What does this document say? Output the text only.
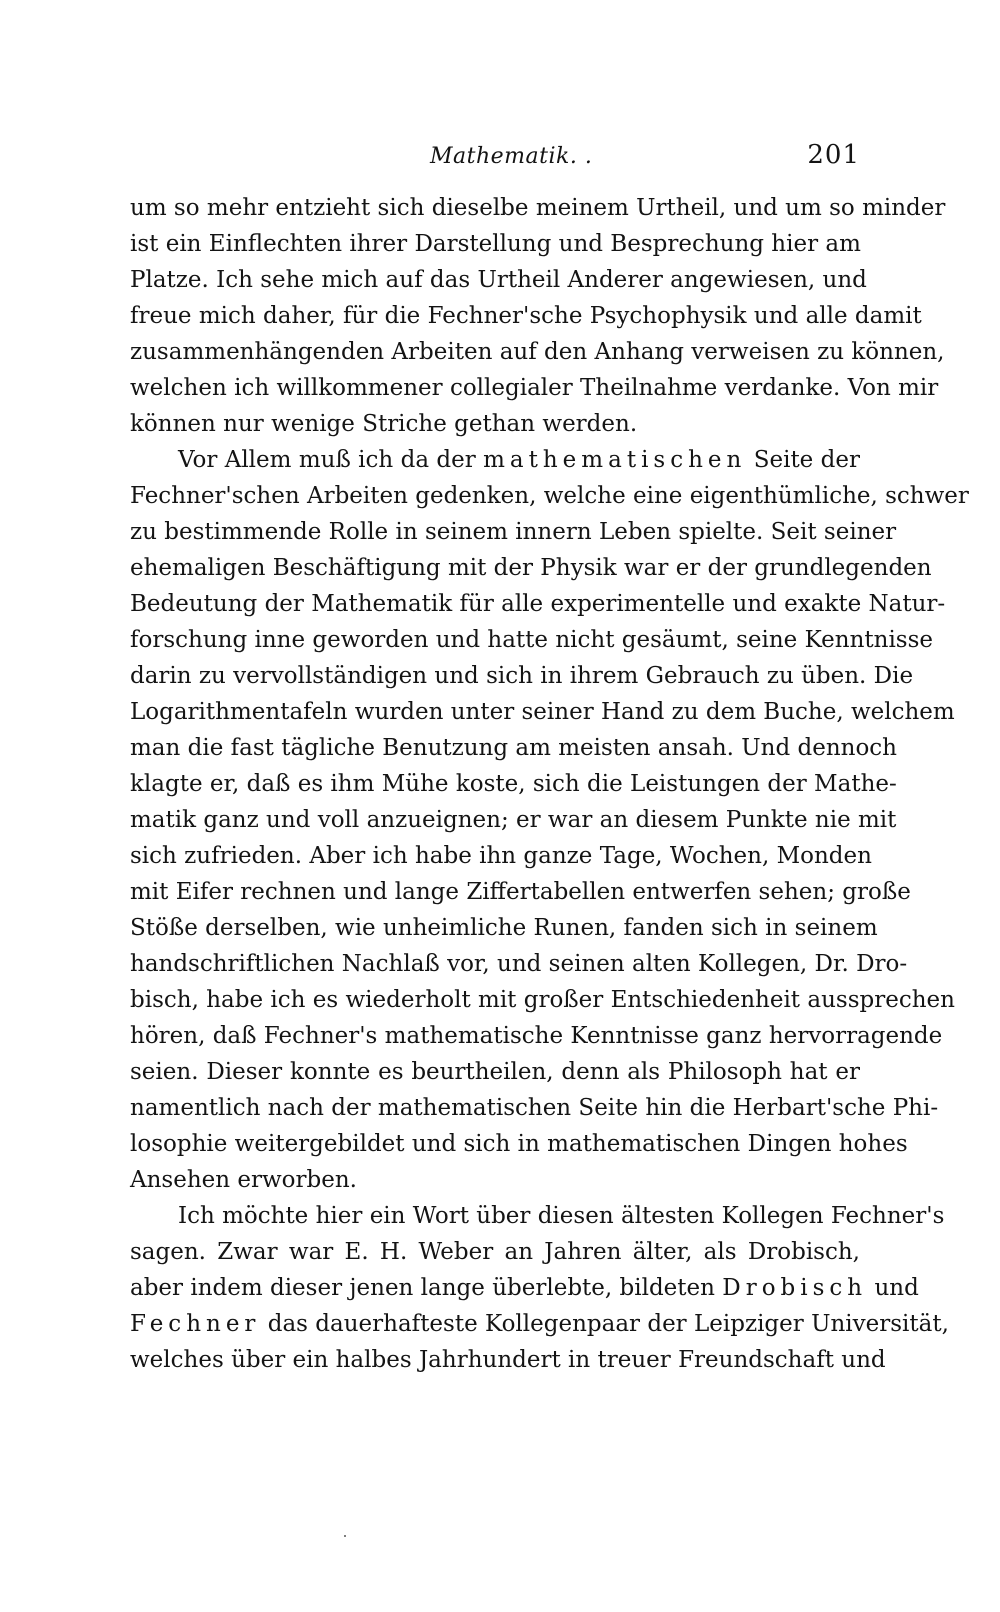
Mathematik. .	201
um so mehr entzieht sich dieselbe meinem Urtheil, und um so minder
ist ein Einflechten ihrer Darstellung und Besprechung hier am
Platze. Ich sehe mich auf das Urtheil Anderer angewiesen, und
freue mich daher, für die Fechner'sche Psychophysik und alle damit
zusammenhängenden Arbeiten auf den Anhang verweisen zu können,
welchen ich willkommener collegialer Theilnahme verdanke. Von mir
können nur wenige Striche gethan werden.
Vor Allem muß ich da der mathematischen Seite der
Fechner'schen Arbeiten gedenken, welche eine eigenthümliche, schwer
zu bestimmende Rolle in seinem innern Leben spielte. Seit seiner
ehemaligen Beschäftigung mit der Physik war er der grundlegenden
Bedeutung der Mathematik für alle experimentelle und exakte Natur-
forschung inne geworden und hatte nicht gesäumt, seine Kenntnisse
darin zu vervollständigen und sich in ihrem Gebrauch zu üben. Die
Logarithmentafeln wurden unter seiner Hand zu dem Buche, welchem
man die fast tägliche Benutzung am meisten ansah. Und dennoch
klagte er, daß es ihm Mühe koste, sich die Leistungen der Mathe-
matik ganz und voll anzueignen; er war an diesem Punkte nie mit
sich zufrieden. Aber ich habe ihn ganze Tage, Wochen, Monden
mit Eifer rechnen und lange Ziffertabellen entwerfen sehen; große
Stöße derselben, wie unheimliche Runen, fanden sich in seinem
handschriftlichen Nachlaß vor, und seinen alten Kollegen, Dr. Dro-
bisch, habe ich es wiederholt mit großer Entschiedenheit aussprechen
hören, daß Fechner's mathematische Kenntnisse ganz hervorragende
seien. Dieser konnte es beurtheilen, denn als Philosoph hat er
namentlich nach der mathematischen Seite hin die Herbart'sche Phi-
losophie weitergebildet und sich in mathematischen Dingen hohes
Ansehen erworben.
Ich möchte hier ein Wort über diesen ältesten Kollegen Fechner's
sagen. Zwar war E. H. Weber an Jahren älter, als Drobisch,
aber indem dieser jenen lange überlebte, bildeten Drobisch und
Fechner das dauerhafteste Kollegenpaar der Leipziger Universität,
welches über ein halbes Jahrhundert in treuer Freundschaft und
